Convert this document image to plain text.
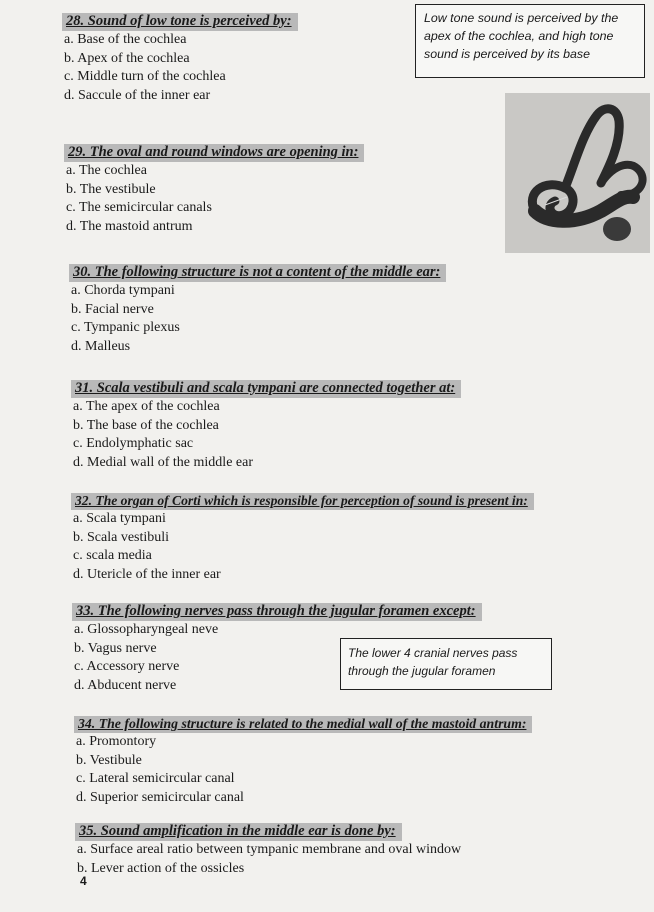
28. Sound of low tone is perceived by:
a. Base of the cochlea
b. Apex of the cochlea
c. Middle turn of the cochlea
d. Saccule of the inner ear
Low tone sound is perceived by the apex of the cochlea, and high tone sound is perceived by its base
29. The oval and round windows are opening in:
a. The cochlea
b. The vestibule
c. The semicircular canals
d. The mastoid antrum
30. The following structure is not a content of the middle ear:
a. Chorda tympani
b. Facial nerve
c. Tympanic plexus
d. Malleus
31. Scala vestibuli and scala tympani are connected together at:
a. The apex of the cochlea
b. The base of the cochlea
c. Endolymphatic sac
d. Medial wall of the middle ear
32. The organ of Corti which is responsible for perception of sound is present in:
a. Scala tympani
b. Scala vestibuli
c. scala media
d. Utericle of the inner ear
33. The following nerves pass through the jugular foramen except:
a. Glossopharyngeal neve
b. Vagus nerve
c. Accessory nerve
d. Abducent nerve
The lower 4 cranial nerves pass through the jugular foramen
34. The following structure is related to the medial wall of the mastoid antrum:
a. Promontory
b. Vestibule
c. Lateral semicircular canal
d. Superior semicircular canal
35. Sound amplification in the middle ear is done by:
a. Surface areal ratio between tympanic membrane and oval window
b. Lever action of the ossicles
4
